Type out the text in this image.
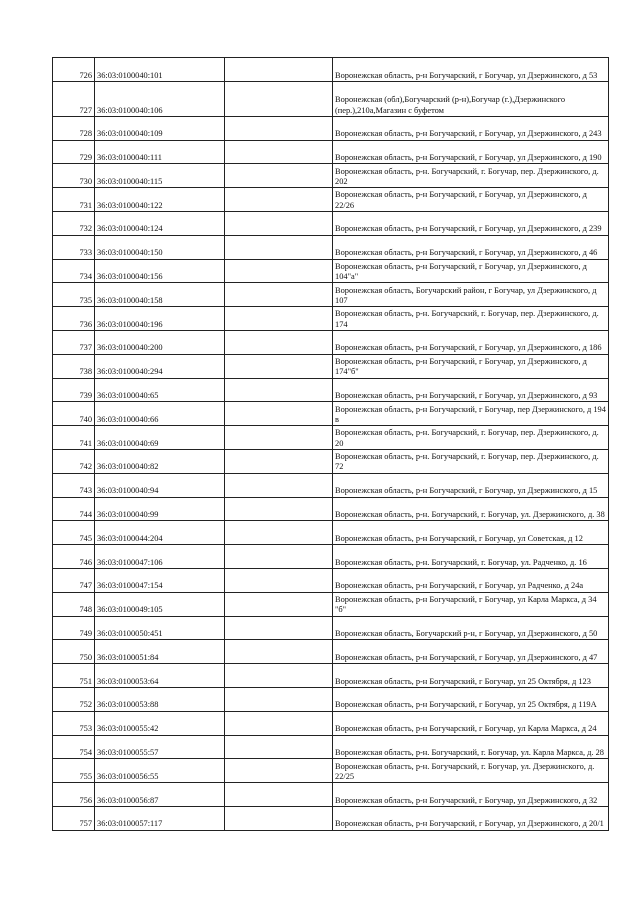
726	36:03:0100040:101		Воронежская область, р-н Богучарский, г Богучар, ул Дзержинского, д 53
727	36:03:0100040:106		Воронежская (обл),Богучарский (р-н),Богучар (г.),Дзержинского (пер.),210а,Магазин с буфетом
728	36:03:0100040:109		Воронежская область, р-н Богучарский, г Богучар, ул Дзержинского, д 243
729	36:03:0100040:111		Воронежская область, р-н Богучарский, г Богучар, ул Дзержинского, д 190
730	36:03:0100040:115		Воронежская область, р-н. Богучарский, г. Богучар, пер. Дзержинского, д. 202
731	36:03:0100040:122		Воронежская область, р-н Богучарский, г Богучар, ул Дзержинского, д 22/26
732	36:03:0100040:124		Воронежская область, р-н Богучарский, г Богучар, ул Дзержинского, д 239
733	36:03:0100040:150		Воронежская область, р-н Богучарский, г Богучар, ул Дзержинского, д 46
734	36:03:0100040:156		Воронежская область, р-н Богучарский, г Богучар, ул Дзержинского, д 104"а"
735	36:03:0100040:158		Воронежская область, Богучарский район, г Богучар, ул Дзержинского, д 107
736	36:03:0100040:196		Воронежская область, р-н. Богучарский, г. Богучар, пер. Дзержинского, д. 174
737	36:03:0100040:200		Воронежская область, р-н Богучарский, г Богучар, ул Дзержинского, д 186
738	36:03:0100040:294		Воронежская область, р-н Богучарский, г Богучар, ул Дзержинского, д 174"б"
739	36:03:0100040:65		Воронежская область, р-н Богучарский, г Богучар, ул Дзержинского, д 93
740	36:03:0100040:66		Воронежская область, р-н Богучарский, г Богучар, пер Дзержинского, д 194 в
741	36:03:0100040:69		Воронежская область, р-н. Богучарский, г. Богучар, пер. Дзержинского, д. 20
742	36:03:0100040:82		Воронежская область, р-н. Богучарский, г. Богучар, пер. Дзержинского, д. 72
743	36:03:0100040:94		Воронежская область, р-н Богучарский, г Богучар, ул Дзержинского, д 15
744	36:03:0100040:99		Воронежская область, р-н. Богучарский, г. Богучар, ул. Дзержинского, д. 38
745	36:03:0100044:204		Воронежская область, р-н Богучарский, г Богучар, ул Советская, д 12
746	36:03:0100047:106		Воронежская область, р-н. Богучарский, г. Богучар, ул. Радченко, д. 16
747	36:03:0100047:154		Воронежская область, р-н Богучарский, г Богучар, ул Радченко, д 24а
748	36:03:0100049:105		Воронежская область, р-н Богучарский, г Богучар, ул Карла Маркса, д 34 "б"
749	36:03:0100050:451		Воронежская область, Богучарский р-н, г Богучар, ул Дзержинского, д 50
750	36:03:0100051:84		Воронежская область, р-н Богучарский, г Богучар, ул Дзержинского, д 47
751	36:03:0100053:64		Воронежская область, р-н Богучарский, г Богучар, ул 25 Октября, д 123
752	36:03:0100053:88		Воронежская область, р-н Богучарский, г Богучар, ул 25 Октября, д 119А
753	36:03:0100055:42		Воронежская область, р-н Богучарский, г Богучар, ул Карла Маркса, д 24
754	36:03:0100055:57		Воронежская область, р-н. Богучарский, г. Богучар, ул. Карла Маркса, д. 28
755	36:03:0100056:55		Воронежская область, р-н. Богучарский, г. Богучар, ул. Дзержинского, д. 22/25
756	36:03:0100056:87		Воронежская область, р-н Богучарский, г Богучар, ул Дзержинского, д 32
757	36:03:0100057:117		Воронежская область, р-н Богучарский, г Богучар, ул Дзержинского, д 20/1
